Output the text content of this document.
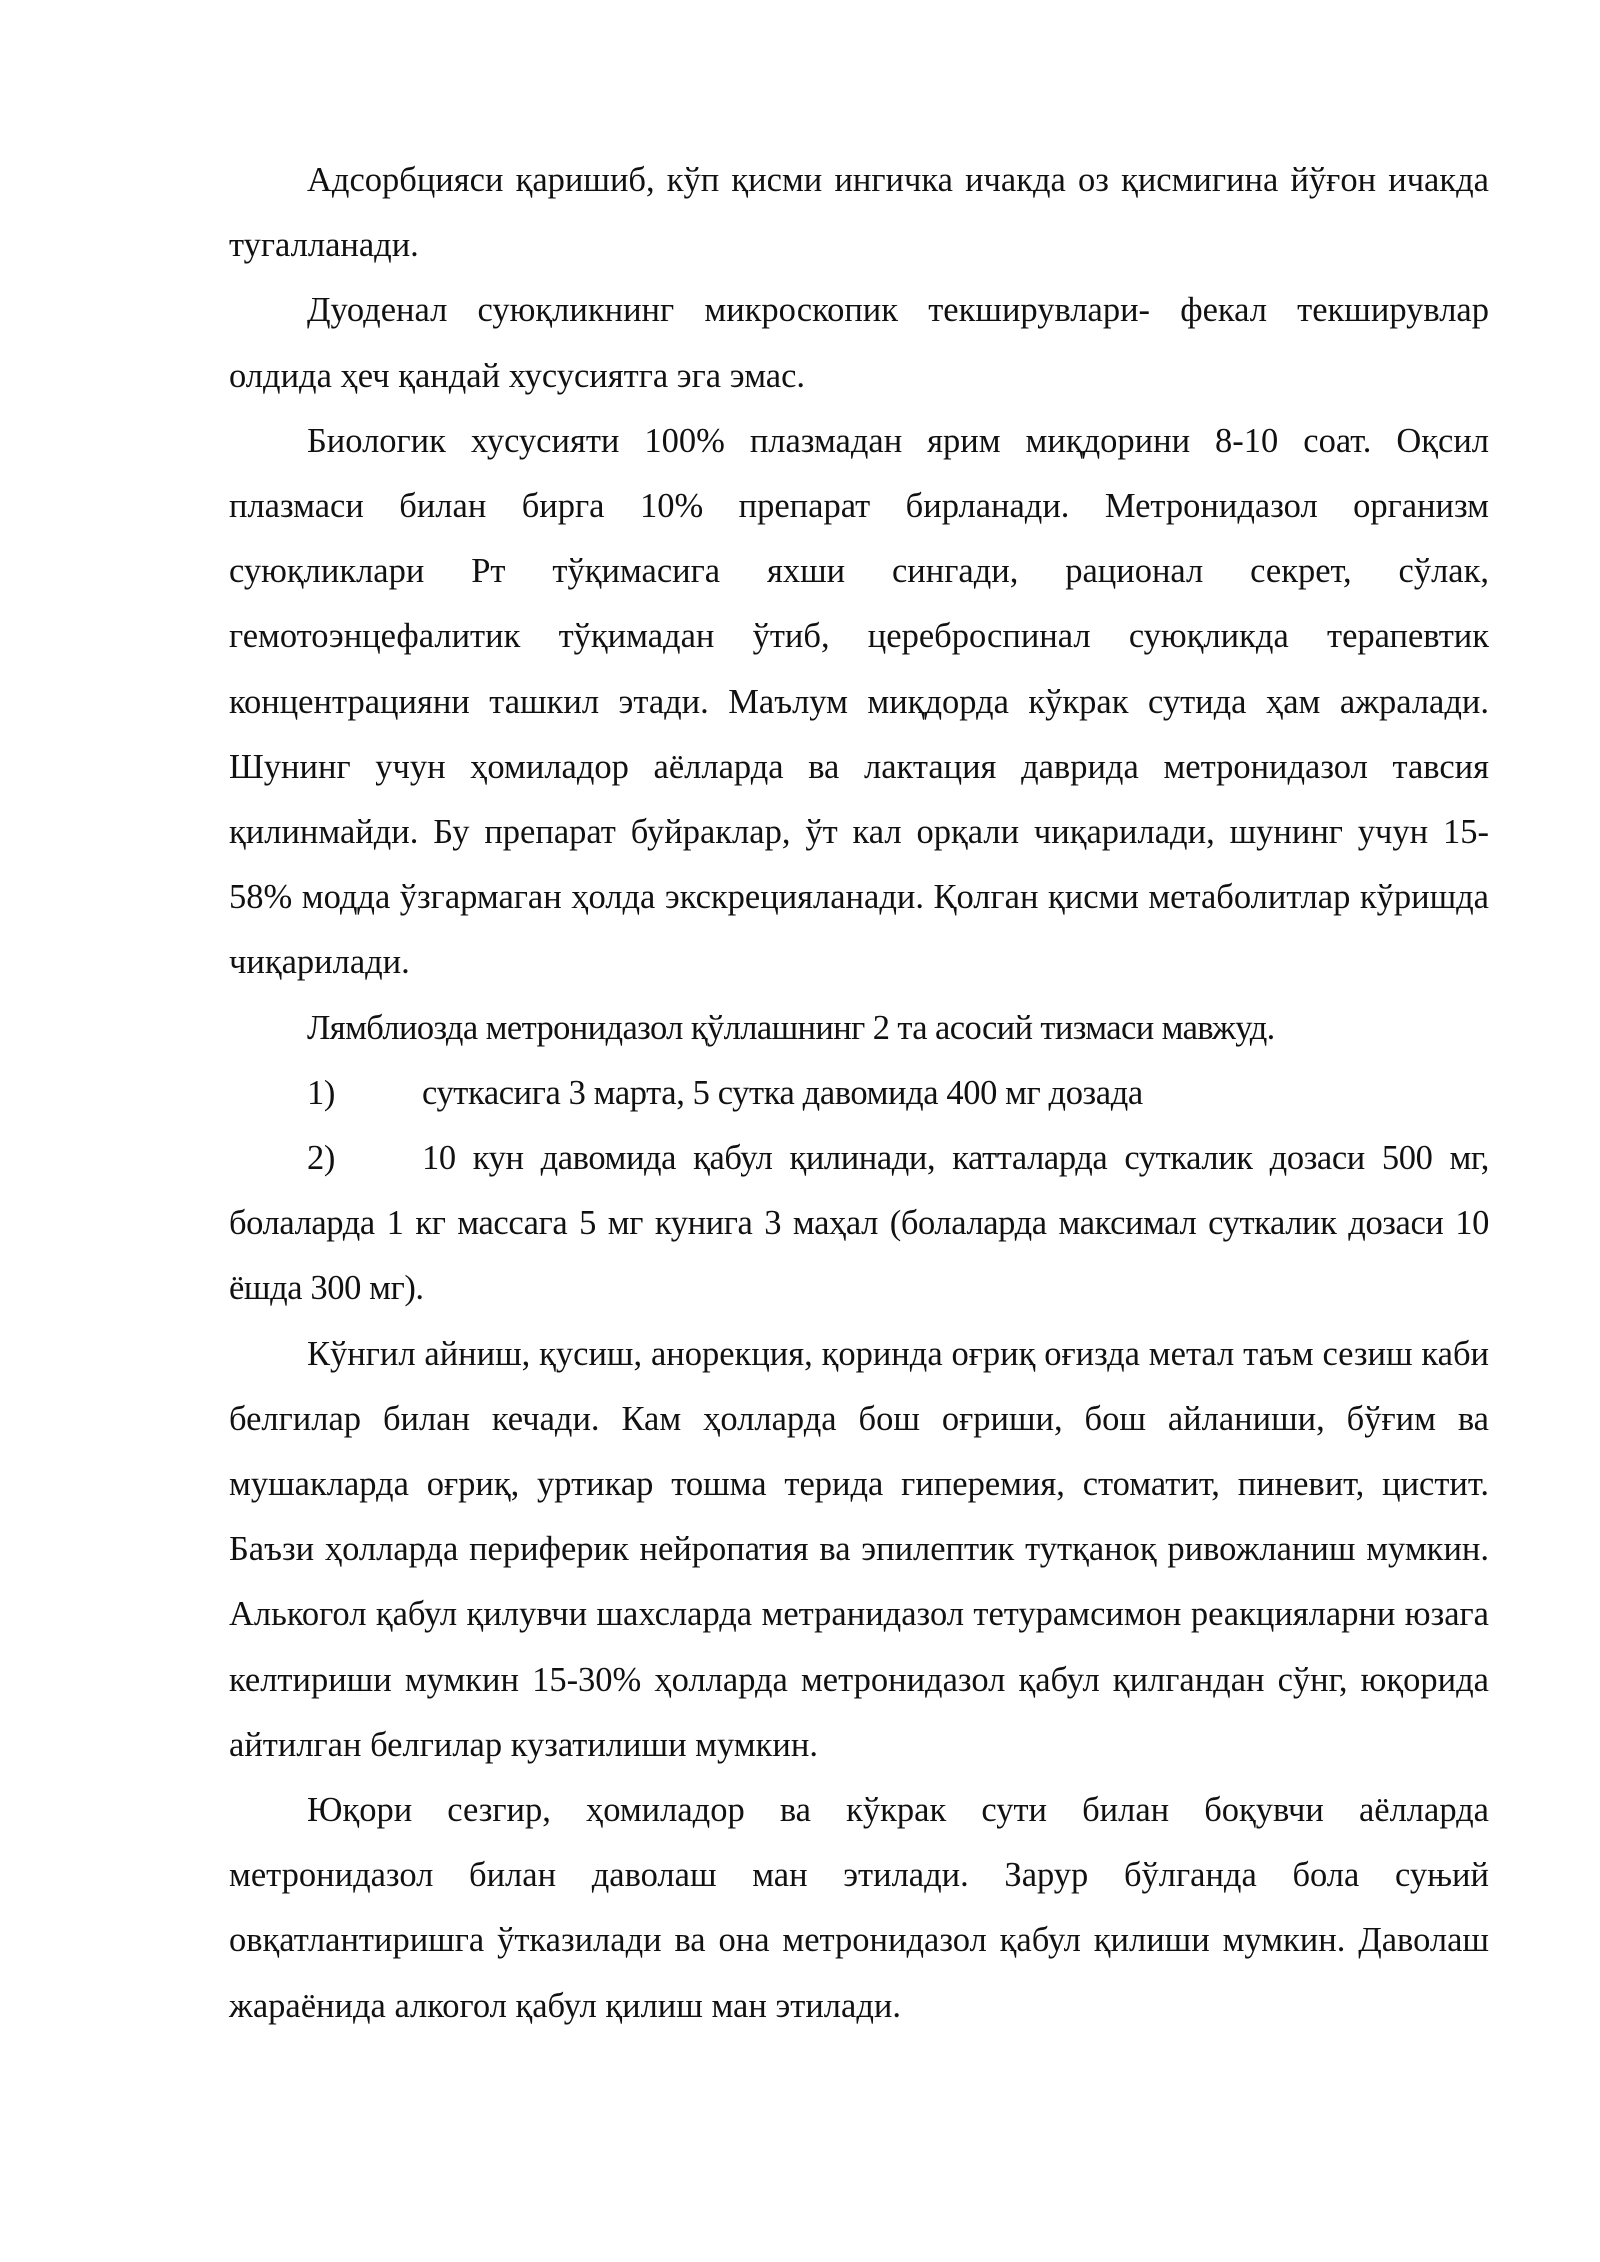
Адсорбцияси қаришиб, кўп қисми ингичка ичакда оз қисмигина йўғон ичакда тугалланади.

Дуоденал суюқликнинг микроскопик текширувлари- фекал текширувлар олдида ҳеч қандай хусусиятга эга эмас.

Биологик хусусияти 100% плазмадан ярим миқдорини 8-10 соат. Оқсил плазмаси билан бирга 10% препарат бирланади. Метронидазол организм суюқликлари Рт тўқимасига яхши сингади, рационал секрет, сўлак, гемотоэнцефалитик тўқимадан ўтиб, цереброспинал суюқликда терапевтик концентрацияни ташкил этади. Маълум миқдорда кўкрак сутида ҳам ажралади. Шунинг учун ҳомиладор аёлларда ва лактация даврида метронидазол тавсия қилинмайди. Бу препарат буйраклар, ўт кал орқали чиқарилади, шунинг учун 15-58% модда ўзгармаган ҳолда экскрецияланади. Қолган қисми метаболитлар кўришда чиқарилади.

Лямблиозда метронидазол қўллашнинг 2 та асосий тизмаси мавжуд.

1)	суткасига 3 марта, 5 сутка давомида 400 мг дозада

2)	10 кун давомида қабул қилинади, катталарда суткалик дозаси 500 мг, болаларда 1 кг массага 5 мг кунига 3 маҳал (болаларда максимал суткалик дозаси 10 ёшда 300 мг).

Кўнгил айниш, қусиш, анорекция, қоринда оғриқ оғизда метал таъм сезиш каби белгилар билан кечади. Кам ҳолларда бош оғриши, бош айланиши, бўғим ва мушакларда оғриқ, уртикар тошма терида гиперемия, стоматит, пиневит, цистит. Баъзи ҳолларда периферик нейропатия ва эпилептик тутқаноқ ривожланиш мумкин. Алькогол қабул қилувчи шахсларда метранидазол тетурамсимон реакцияларни юзага келтириши мумкин 15-30% ҳолларда метронидазол қабул қилгандан сўнг, юқорида айтилган белгилар кузатилиши мумкин.

Юқори сезгир, ҳомиладор ва кўкрак сути билан боқувчи аёлларда метронидазол билан даволаш ман этилади. Зарур бўлганда бола суњий овқатлантиришга ўтказилади ва она метронидазол қабул қилиши мумкин. Даволаш жараёнида алкогол қабул қилиш ман этилади.
